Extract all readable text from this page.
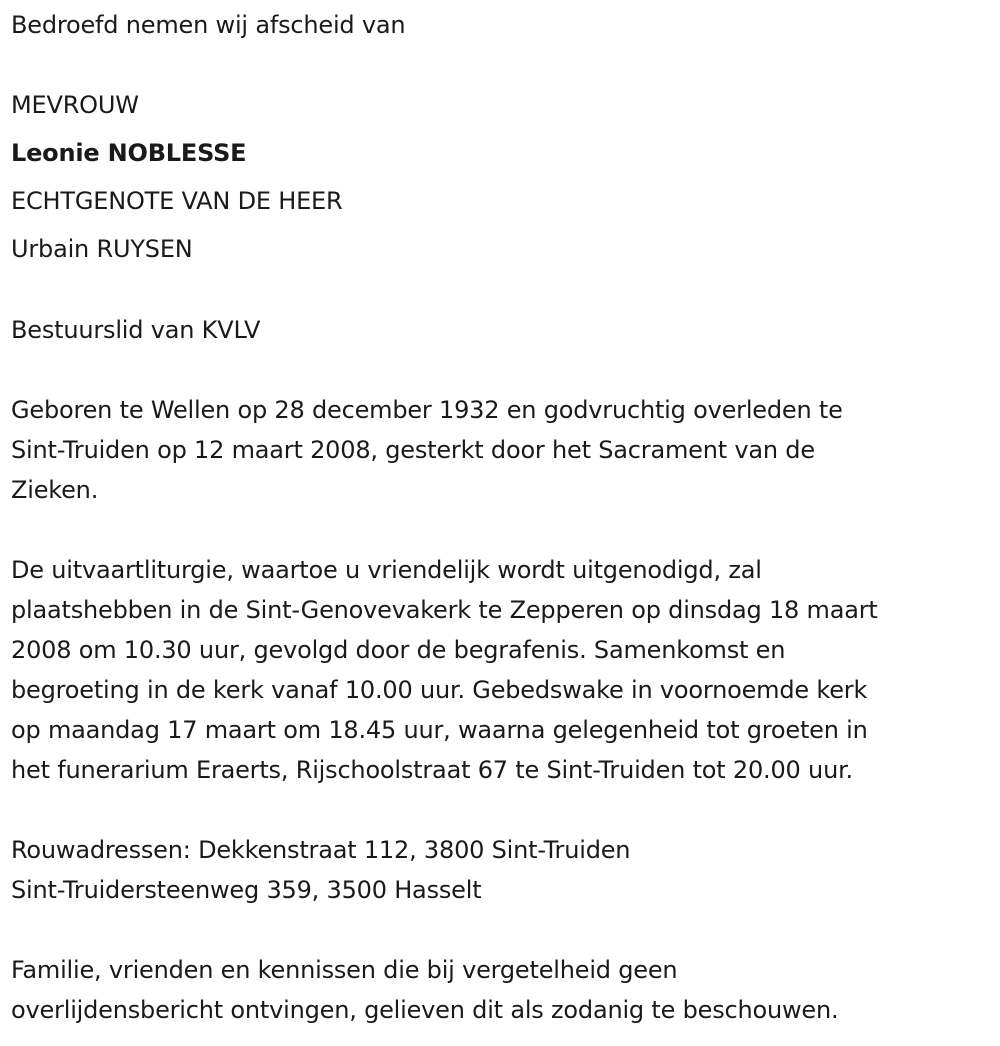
Bedroefd nemen wij afscheid van
MEVROUW
Leonie NOBLESSE
ECHTGENOTE VAN DE HEER
Urbain RUYSEN
Bestuurslid van KVLV
Geboren te Wellen op 28 december 1932 en godvruchtig overleden te
Sint-Truiden op 12 maart 2008, gesterkt door het Sacrament van de
Zieken.
De uitvaartliturgie, waartoe u vriendelijk wordt uitgenodigd, zal
plaatshebben in de Sint-Genovevakerk te Zepperen op dinsdag 18 maart
2008 om 10.30 uur, gevolgd door de begrafenis. Samenkomst en
begroeting in de kerk vanaf 10.00 uur. Gebedswake in voornoemde kerk
op maandag 17 maart om 18.45 uur, waarna gelegenheid tot groeten in
het funerarium Eraerts, Rijschoolstraat 67 te Sint-Truiden tot 20.00 uur.
Rouwadressen: Dekkenstraat 112, 3800 Sint-Truiden
Sint-Truidersteenweg 359, 3500 Hasselt
Familie, vrienden en kennissen die bij vergetelheid geen
overlijdensbericht ontvingen, gelieven dit als zodanig te beschouwen.
